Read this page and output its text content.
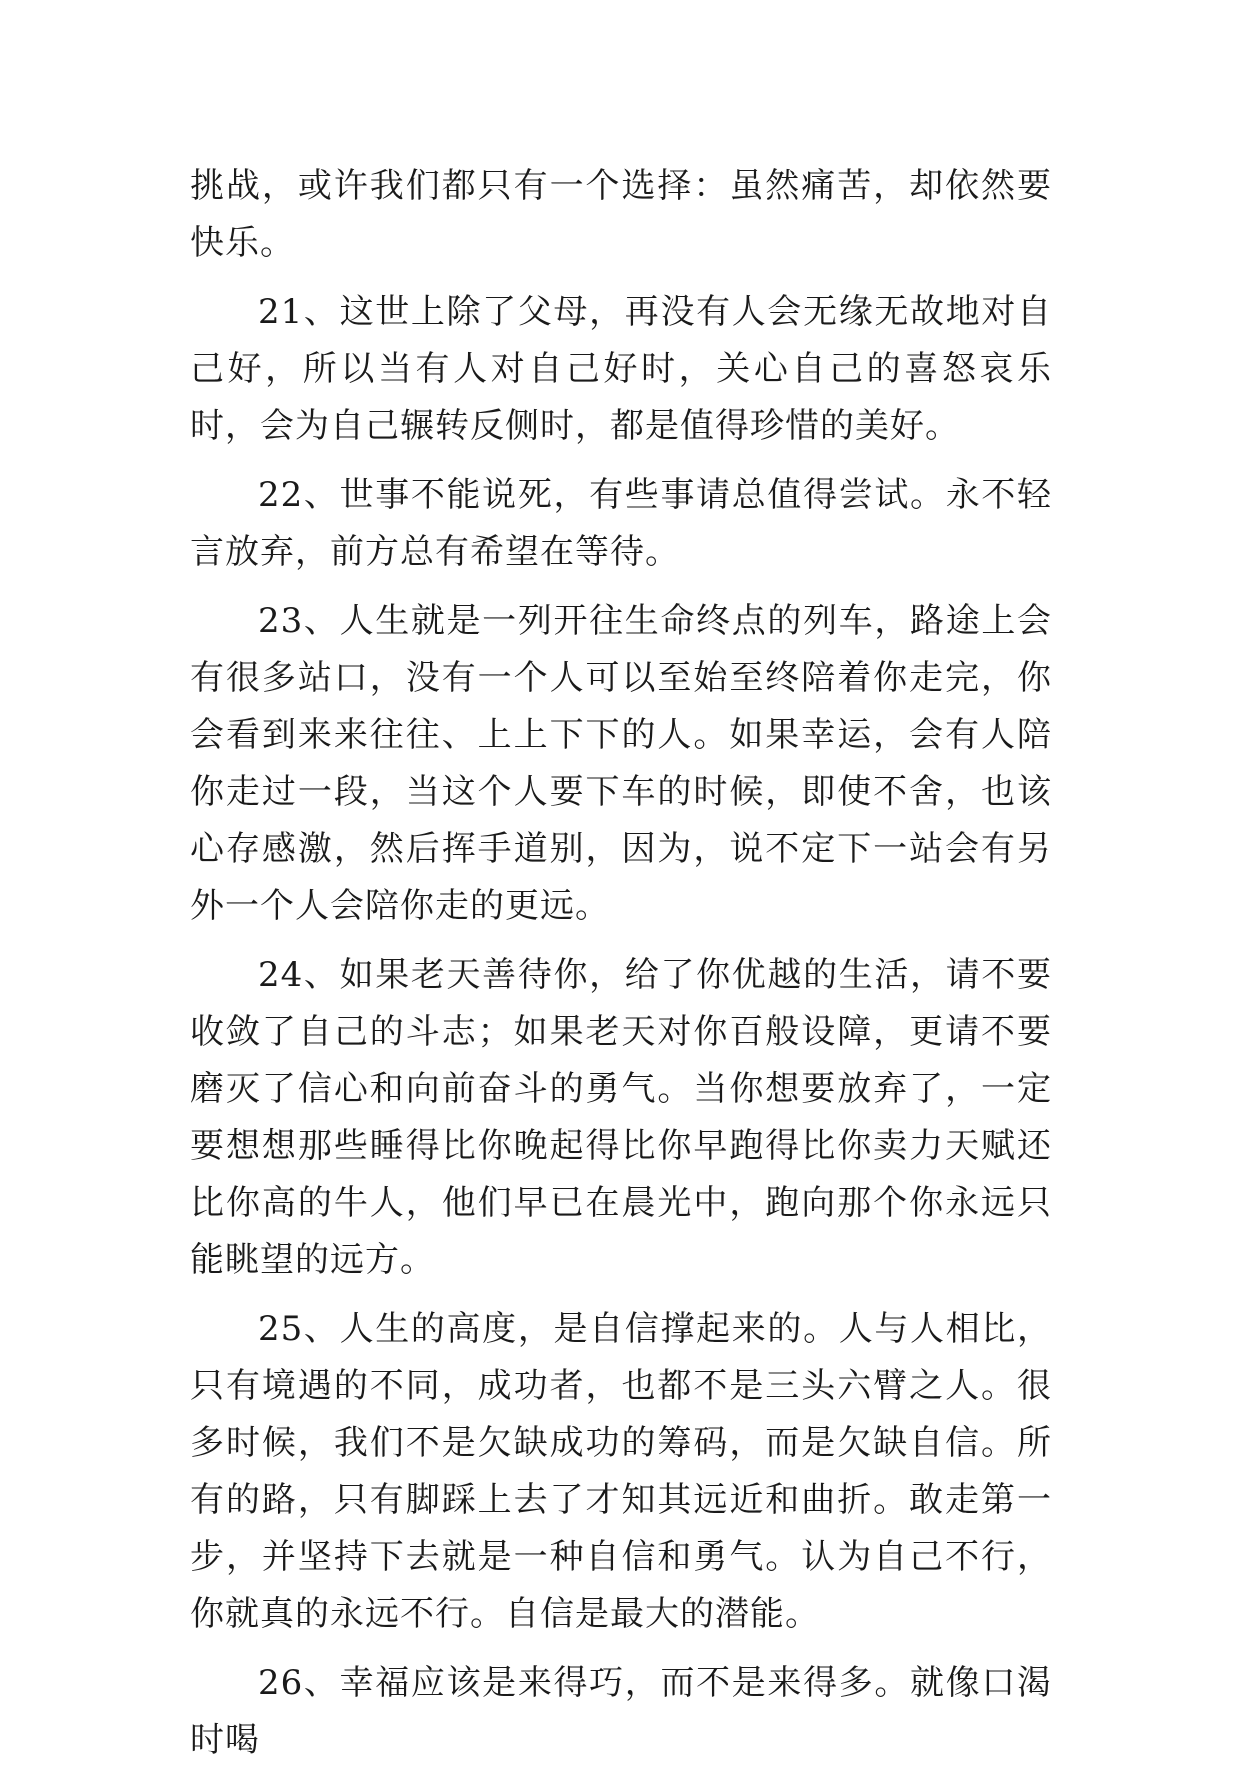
挑战，或许我们都只有一个选择：虽然痛苦，却依然要快乐。

21、这世上除了父母，再没有人会无缘无故地对自己好，所以当有人对自己好时，关心自己的喜怒哀乐时，会为自己辗转反侧时，都是值得珍惜的美好。

22、世事不能说死，有些事请总值得尝试。永不轻言放弃，前方总有希望在等待。

23、人生就是一列开往生命终点的列车，路途上会有很多站口，没有一个人可以至始至终陪着你走完，你会看到来来往往、上上下下的人。如果幸运，会有人陪你走过一段，当这个人要下车的时候，即使不舍，也该心存感激，然后挥手道别，因为，说不定下一站会有另外一个人会陪你走的更远。

24、如果老天善待你，给了你优越的生活，请不要收敛了自己的斗志；如果老天对你百般设障，更请不要磨灭了信心和向前奋斗的勇气。当你想要放弃了，一定要想想那些睡得比你晚起得比你早跑得比你卖力天赋还比你高的牛人，他们早已在晨光中，跑向那个你永远只能眺望的远方。

25、人生的高度，是自信撑起来的。人与人相比，只有境遇的不同，成功者，也都不是三头六臂之人。很多时候，我们不是欠缺成功的筹码，而是欠缺自信。所有的路，只有脚踩上去了才知其远近和曲折。敢走第一步，并坚持下去就是一种自信和勇气。认为自己不行，你就真的永远不行。自信是最大的潜能。

26、幸福应该是来得巧，而不是来得多。就像口渴时喝
